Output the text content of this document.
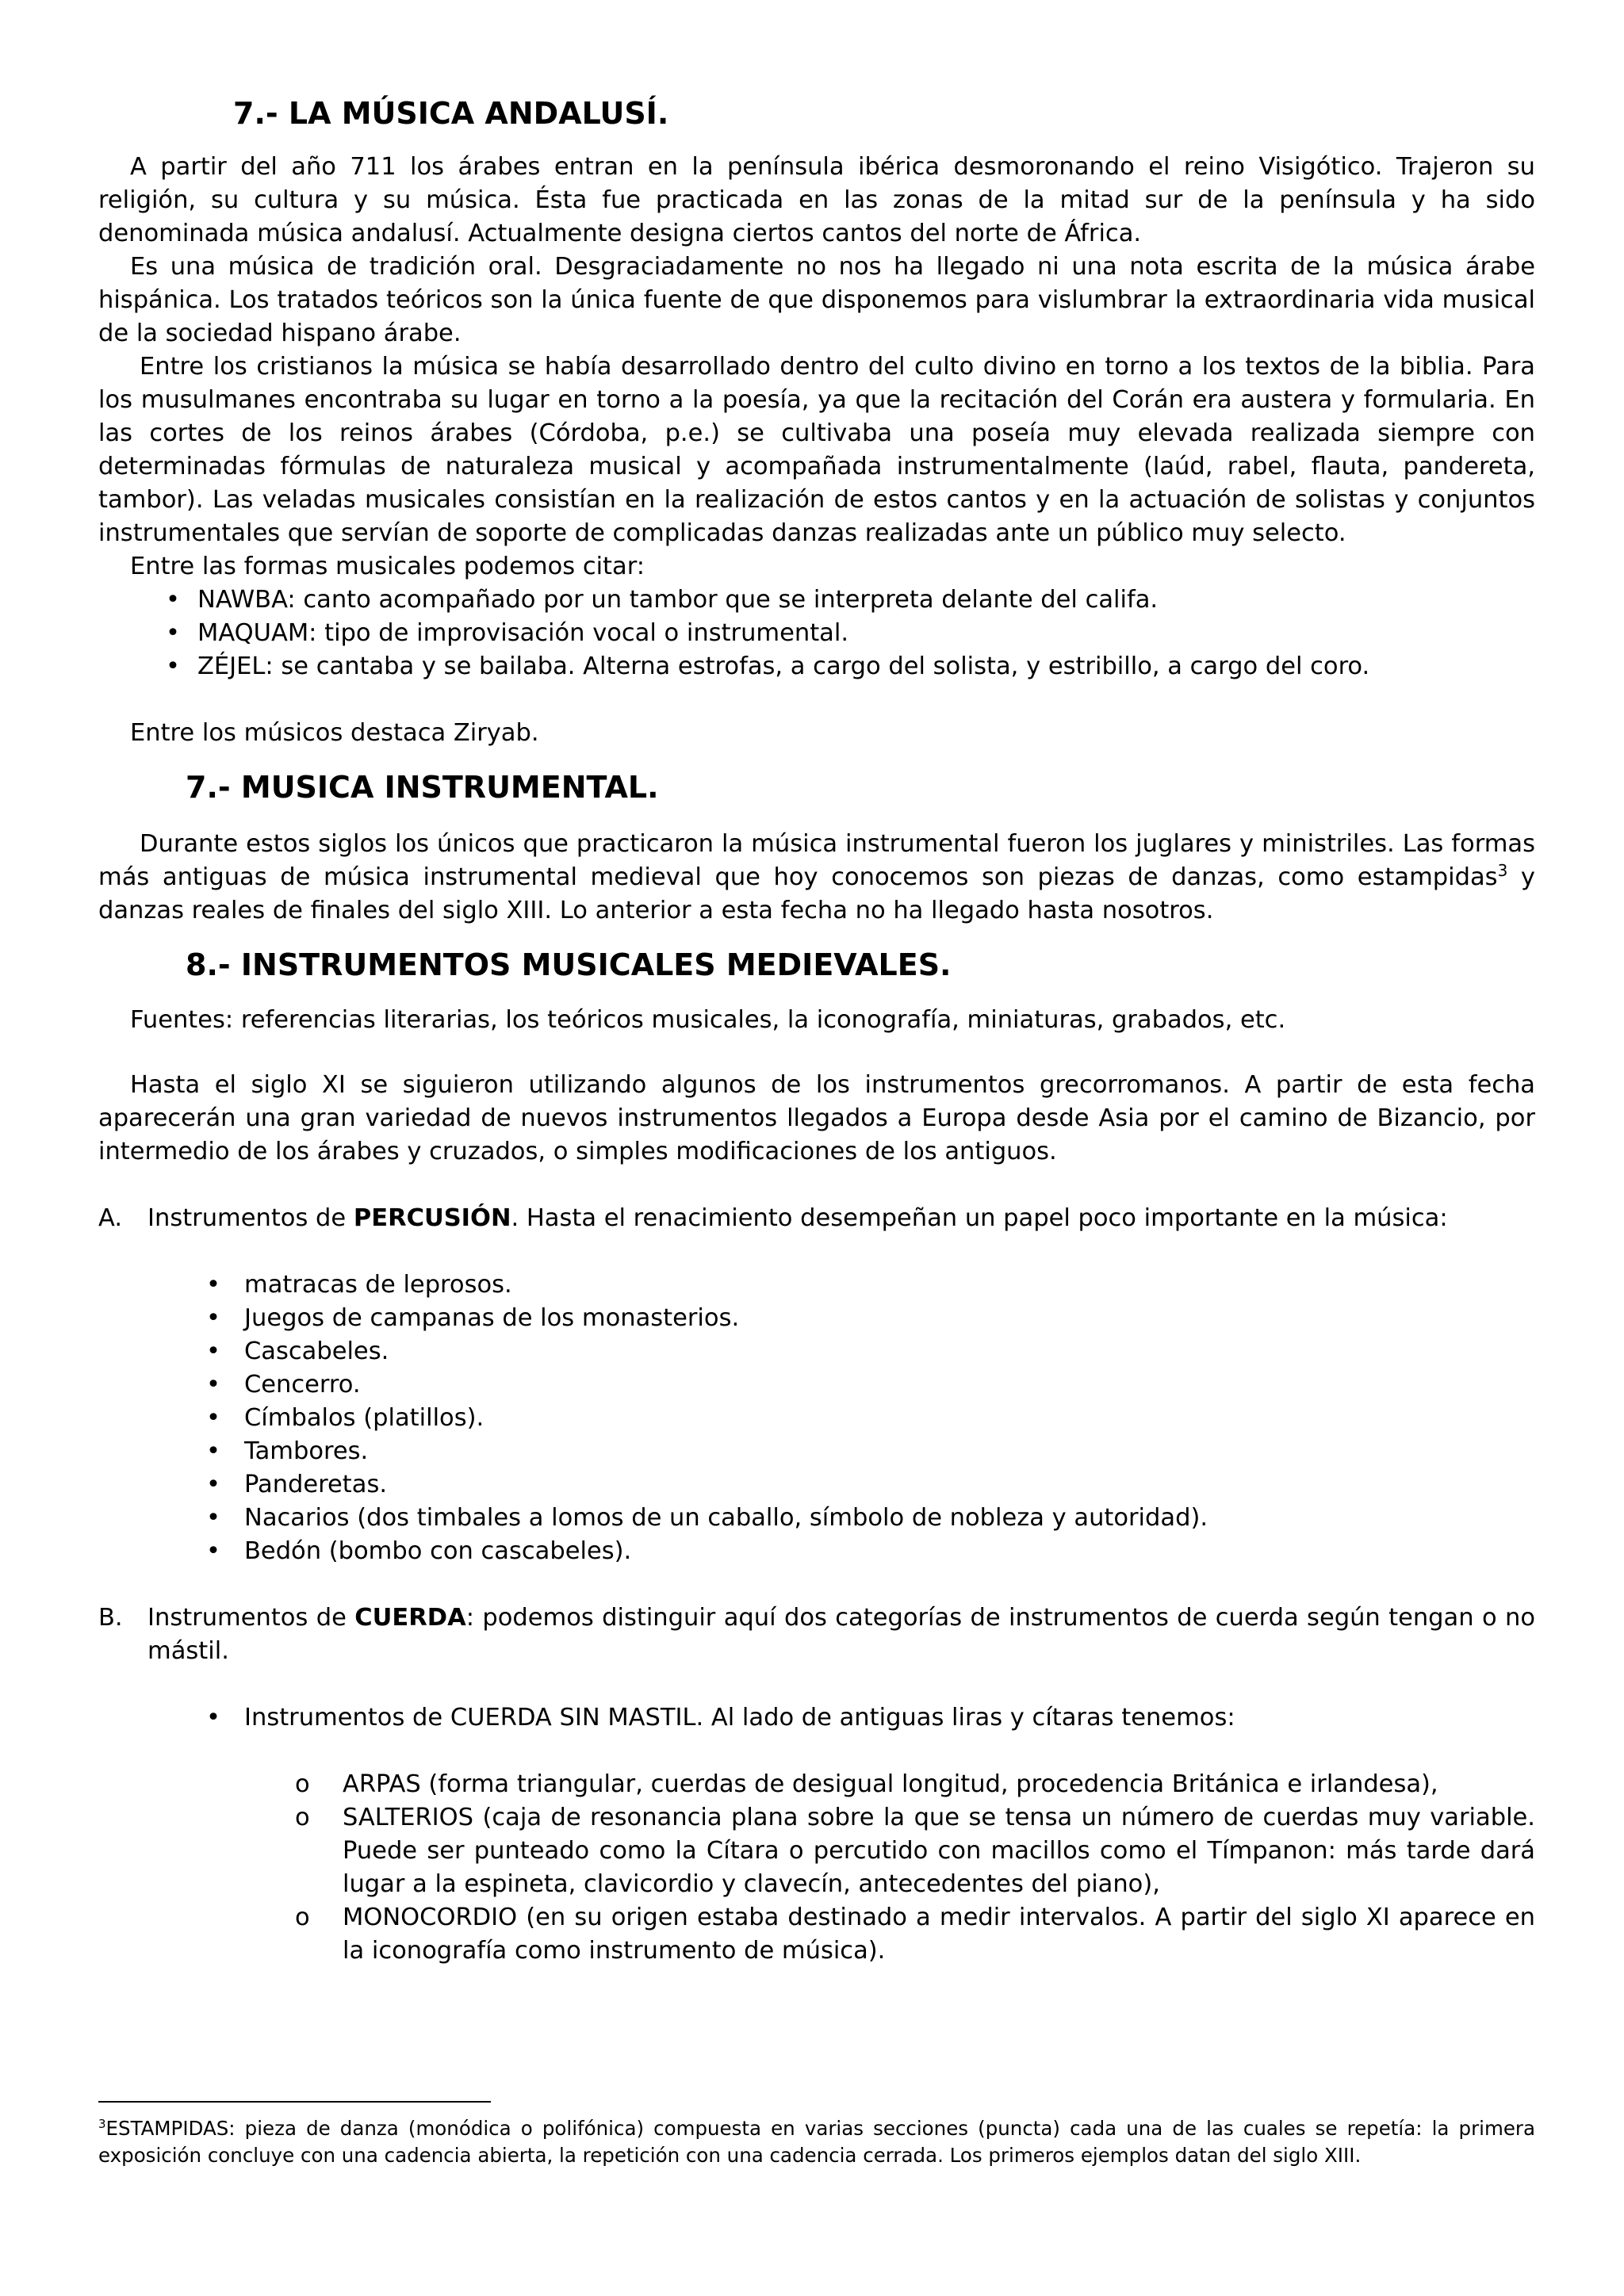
7.- LA MÚSICA ANDALUSÍ.

A partir del año 711 los árabes entran en la península ibérica desmoronando el reino Visigótico. Trajeron su religión, su cultura y su música. Ésta fue practicada en las zonas de la mitad sur de la península y ha sido denominada música andalusí. Actualmente designa ciertos cantos del norte de África.

Es una música de tradición oral. Desgraciadamente no nos ha llegado ni una nota escrita de la música árabe hispánica. Los tratados teóricos son la única fuente de que disponemos para vislumbrar la extraordinaria vida musical de la sociedad hispano árabe.

Entre los cristianos la música se había desarrollado dentro del culto divino en torno a los textos de la biblia. Para los musulmanes encontraba su lugar en torno a la poesía, ya que la recitación del Corán era austera y formularia. En las cortes de los reinos árabes (Córdoba, p.e.) se cultivaba una poseía muy elevada realizada siempre con determinadas fórmulas de naturaleza musical y acompañada instrumentalmente (laúd, rabel, flauta, pandereta, tambor). Las veladas musicales consistían en la realización de estos cantos y en la actuación de solistas y conjuntos instrumentales que servían de soporte de complicadas danzas realizadas ante un público muy selecto.

Entre las formas musicales podemos citar:

• NAWBA: canto acompañado por un tambor que se interpreta delante del califa.
• MAQUAM: tipo de improvisación vocal o instrumental.
• ZÉJEL: se cantaba y se bailaba. Alterna estrofas, a cargo del solista, y estribillo, a cargo del coro.

Entre los músicos destaca Ziryab.

7.- MUSICA INSTRUMENTAL.

Durante estos siglos los únicos que practicaron la música instrumental fueron los juglares y ministriles. Las formas más antiguas de música instrumental medieval que hoy conocemos son piezas de danzas, como estampidas$^3$ y danzas reales de finales del siglo XIII. Lo anterior a esta fecha no ha llegado hasta nosotros.

8.- INSTRUMENTOS MUSICALES MEDIEVALES.

Fuentes: referencias literarias, los teóricos musicales, la iconografía, miniaturas, grabados, etc.

Hasta el siglo XI se siguieron utilizando algunos de los instrumentos grecorromanos. A partir de esta fecha aparecerán una gran variedad de nuevos instrumentos llegados a Europa desde Asia por el camino de Bizancio, por intermedio de los árabes y cruzados, o simples modificaciones de los antiguos.

A. Instrumentos de PERCUSIÓN. Hasta el renacimiento desempeñan un papel poco importante en la música:
• matracas de leprosos.
• Juegos de campanas de los monasterios.
• Cascabeles.
• Cencerro.
• Címbalos (platillos).
• Tambores.
• Panderetas.
• Nacarios (dos timbales a lomos de un caballo, símbolo de nobleza y autoridad).
• Bedón (bombo con cascabeles).
B. Instrumentos de CUERDA: podemos distinguir aquí dos categorías de instrumentos de cuerda según tengan o no mástil.
• Instrumentos de CUERDA SIN MASTIL. Al lado de antiguas liras y cítaras tenemos:
o ARPAS (forma triangular, cuerdas de desigual longitud, procedencia Británica e irlandesa),
o SALTERIOS (caja de resonancia plana sobre la que se tensa un número de cuerdas muy variable. Puede ser punteado como la Cítara o percutido con macillos como el Tímpanon: más tarde dará lugar a la espineta, clavicordio y clavecín, antecedentes del piano),
o MONOCORDIO (en su origen estaba destinado a medir intervalos. A partir del siglo XI aparece en la iconografía como instrumento de música).
$^3$ESTAMPIDAS: pieza de danza (monódica o polifónica) compuesta en varias secciones (puncta) cada una de las cuales se repetía: la primera exposición concluye con una cadencia abierta, la repetición con una cadencia cerrada. Los primeros ejemplos datan del siglo XIII.
